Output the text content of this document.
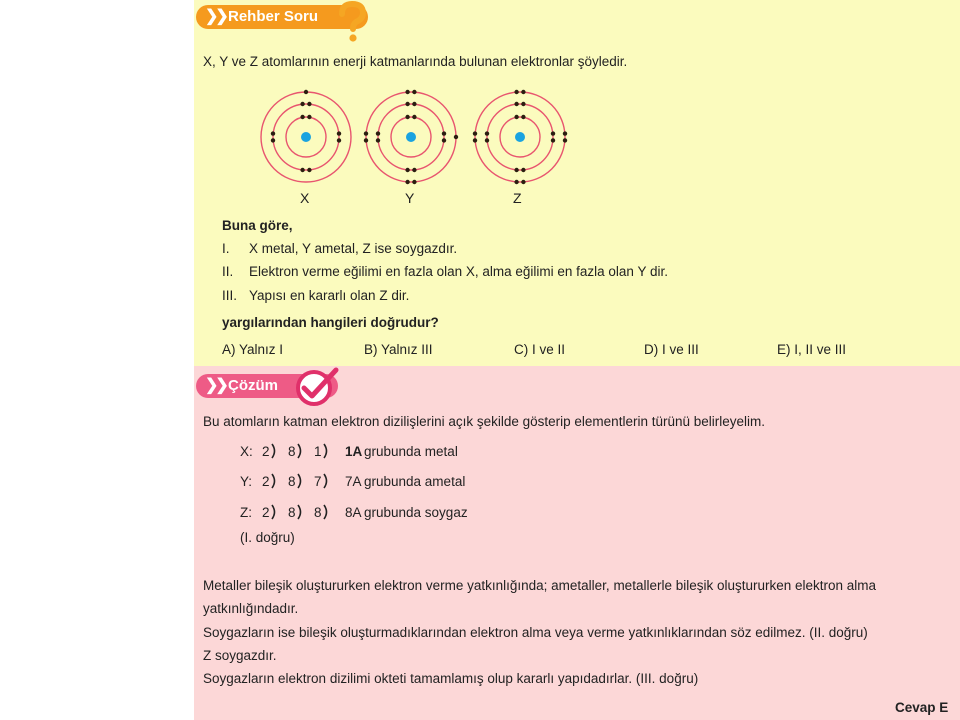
❯❯ Rehber Soru
X, Y ve Z atomlarının enerji katmanlarında bulunan elektronlar şöyledir.
X	Y	Z
Buna göre,
I. X metal, Y ametal, Z ise soygazdır.
II. Elektron verme eğilimi en fazla olan X, alma eğilimi en fazla olan Y dir.
III. Yapısı en kararlı olan Z dir.
yargılarından hangileri doğrudur?
A) Yalnız I	B) Yalnız III	C) I ve II	D) I ve III	E) I, II ve III
❯❯ Çözüm
Bu atomların katman elektron dizilişlerini açık şekilde gösterip elementlerin türünü belirleyelim.
X: 2 8 1 1A grubunda metal
Y: 2 8 7 7A grubunda ametal
Z: 2 8 8 8A grubunda soygaz
(I. doğru)
Metaller bileşik oluştururken elektron verme yatkınlığında; ametaller, metallerle bileşik oluştururken elektron alma
yatkınlığındadır.
Soygazların ise bileşik oluşturmadıklarından elektron alma veya verme yatkınlıklarından söz edilmez. (II. doğru)
Z soygazdır.
Soygazların elektron dizilimi okteti tamamlamış olup kararlı yapıdadırlar. (III. doğru)
Cevap E
